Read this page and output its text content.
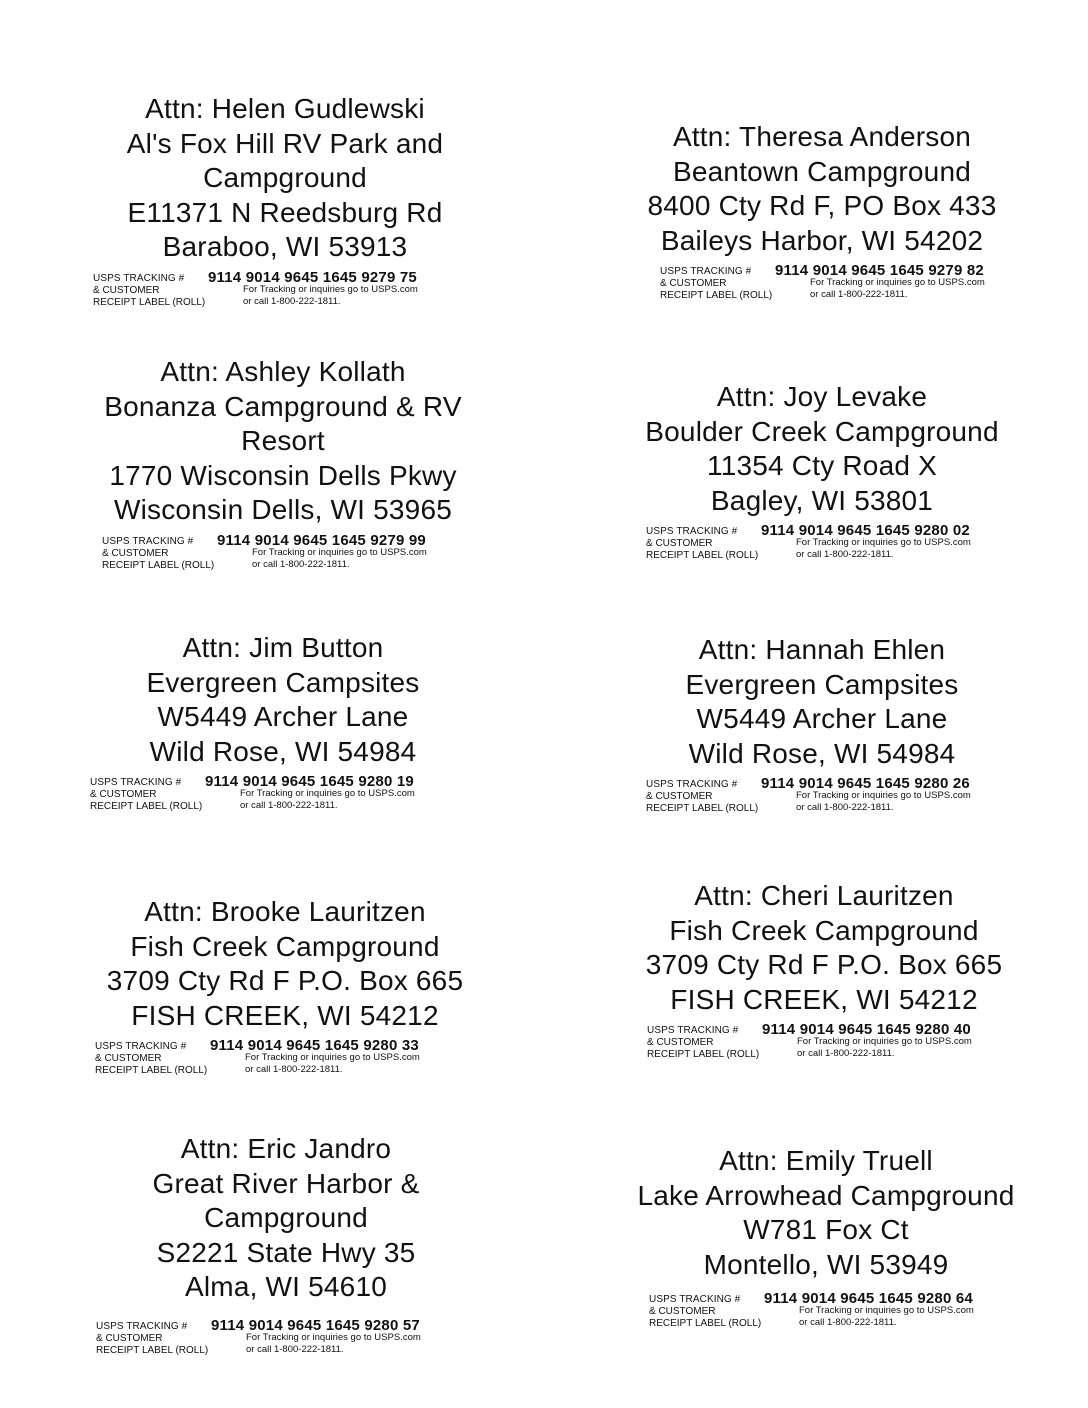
Attn: Helen Gudlewski
Al's Fox Hill RV Park and
Campground
E11371 N Reedsburg Rd
Baraboo, WI 53913
USPS TRACKING #
& CUSTOMER
RECEIPT LABEL (ROLL)
9114 9014 9645 1645 9279 75
For Tracking or inquiries go to USPS.com
or call 1-800-222-1811.
Attn: Theresa Anderson
Beantown Campground
8400 Cty Rd F, PO Box 433
Baileys Harbor, WI 54202
USPS TRACKING #
& CUSTOMER
RECEIPT LABEL (ROLL)
9114 9014 9645 1645 9279 82
For Tracking or inquiries go to USPS.com
or call 1-800-222-1811.
Attn: Ashley Kollath
Bonanza Campground & RV
Resort
1770 Wisconsin Dells Pkwy
Wisconsin Dells, WI 53965
USPS TRACKING #
& CUSTOMER
RECEIPT LABEL (ROLL)
9114 9014 9645 1645 9279 99
For Tracking or inquiries go to USPS.com
or call 1-800-222-1811.
Attn: Joy Levake
Boulder Creek Campground
11354 Cty Road X
Bagley, WI 53801
USPS TRACKING #
& CUSTOMER
RECEIPT LABEL (ROLL)
9114 9014 9645 1645 9280 02
For Tracking or inquiries go to USPS.com
or call 1-800-222-1811.
Attn: Jim Button
Evergreen Campsites
W5449 Archer Lane
Wild Rose, WI 54984
USPS TRACKING #
& CUSTOMER
RECEIPT LABEL (ROLL)
9114 9014 9645 1645 9280 19
For Tracking or inquiries go to USPS.com
or call 1-800-222-1811.
Attn: Hannah Ehlen
Evergreen Campsites
W5449 Archer Lane
Wild Rose, WI 54984
USPS TRACKING #
& CUSTOMER
RECEIPT LABEL (ROLL)
9114 9014 9645 1645 9280 26
For Tracking or inquiries go to USPS.com
or call 1-800-222-1811.
Attn: Brooke Lauritzen
Fish Creek Campground
3709 Cty Rd F P.O. Box 665
FISH CREEK, WI 54212
USPS TRACKING #
& CUSTOMER
RECEIPT LABEL (ROLL)
9114 9014 9645 1645 9280 33
For Tracking or inquiries go to USPS.com
or call 1-800-222-1811.
Attn: Cheri Lauritzen
Fish Creek Campground
3709 Cty Rd F P.O. Box 665
FISH CREEK, WI 54212
USPS TRACKING #
& CUSTOMER
RECEIPT LABEL (ROLL)
9114 9014 9645 1645 9280 40
For Tracking or inquiries go to USPS.com
or call 1-800-222-1811.
Attn: Eric Jandro
Great River Harbor &
Campground
S2221 State Hwy 35
Alma, WI 54610
USPS TRACKING #
& CUSTOMER
RECEIPT LABEL (ROLL)
9114 9014 9645 1645 9280 57
For Tracking or inquiries go to USPS.com
or call 1-800-222-1811.
Attn: Emily Truell
Lake Arrowhead Campground
W781 Fox Ct
Montello, WI 53949
USPS TRACKING #
& CUSTOMER
RECEIPT LABEL (ROLL)
9114 9014 9645 1645 9280 64
For Tracking or inquiries go to USPS.com
or call 1-800-222-1811.
